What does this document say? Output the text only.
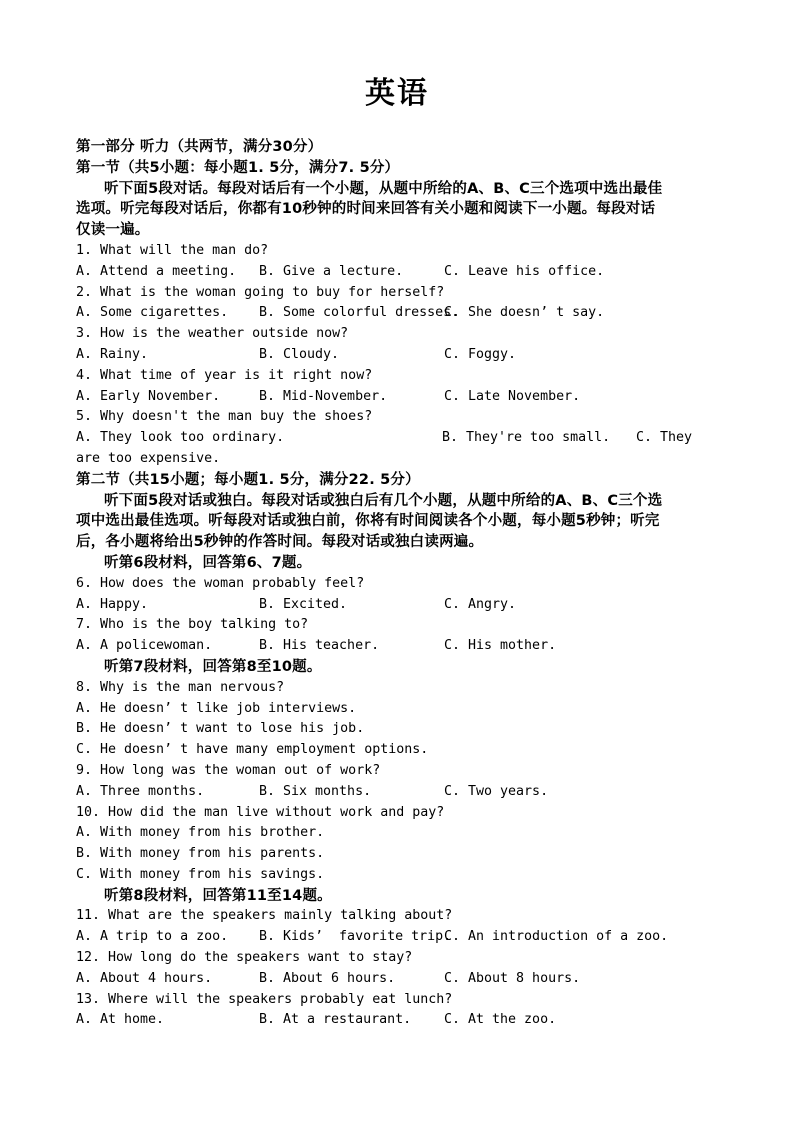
英语
第一部分 听力（共两节，满分30分）
第一节（共5小题：每小题1. 5分，满分7. 5分）
听下面5段对话。每段对话后有一个小题，从题中所给的A、B、C三个选项中选出最佳
选项。听完每段对话后，你都有10秒钟的时间来回答有关小题和阅读下一小题。每段对话
仅读一遍。
1. What will the man do?

A. Attend a meeting.

B. Give a lecture.

	C. Leave his office.

2. What is the woman going to buy for herself?

A. Some cigarettes.

B. Some colorful dresses.

C. She doesn’ t say.

3. How is the weather outside now?

A. Rainy.

	B. Cloudy.

	C. Foggy.

4. What time of year is it right now?

A. Early November.

	B. Mid-November.

	C. Late November.

5. Why doesn't the man buy the shoes?

A. They look too ordinary.

	B. They're too small.

C. They

are too expensive.
第二节（共15小题；每小题1. 5分，满分22. 5分）
听下面5段对话或独白。每段对话或独白后有几个小题，从题中所给的A、B、C三个选
项中选出最佳选项。听每段对话或独白前，你将有时间阅读各个小题，每小题5秒钟；听完
后，各小题将给出5秒钟的作答时间。每段对话或独白读两遍。
听第6段材料，回答第6、7题。
6. How does the woman probably feel?

A. Happy.

	B. Excited.

	C. Angry.

7. Who is the boy talking to?

A. A policewoman.

	B. His teacher.

	C. His mother.

听第7段材料，回答第8至10题。
8. Why is the man nervous?
A. He doesn’ t like job interviews.
B. He doesn’ t want to lose his job.
C. He doesn’ t have many employment options.
9. How long was the woman out of work?

A. Three months.

	B. Six months.

	C. Two years.

10. How did the man live without work and pay?
A. With money from his brother.
B. With money from his parents.
C. With money from his savings.
听第8段材料，回答第11至14题。
11. What are the speakers mainly talking about?

A. A trip to a zoo.

B. Kids’  favorite trip.

C. An introduction of a zoo.

12. How long do the speakers want to stay?

A. About 4 hours.

	B. About 6 hours.

	C. About 8 hours.

13. Where will the speakers probably eat lunch?

A. At home.

	B. At a restaurant.

C. At the zoo.
